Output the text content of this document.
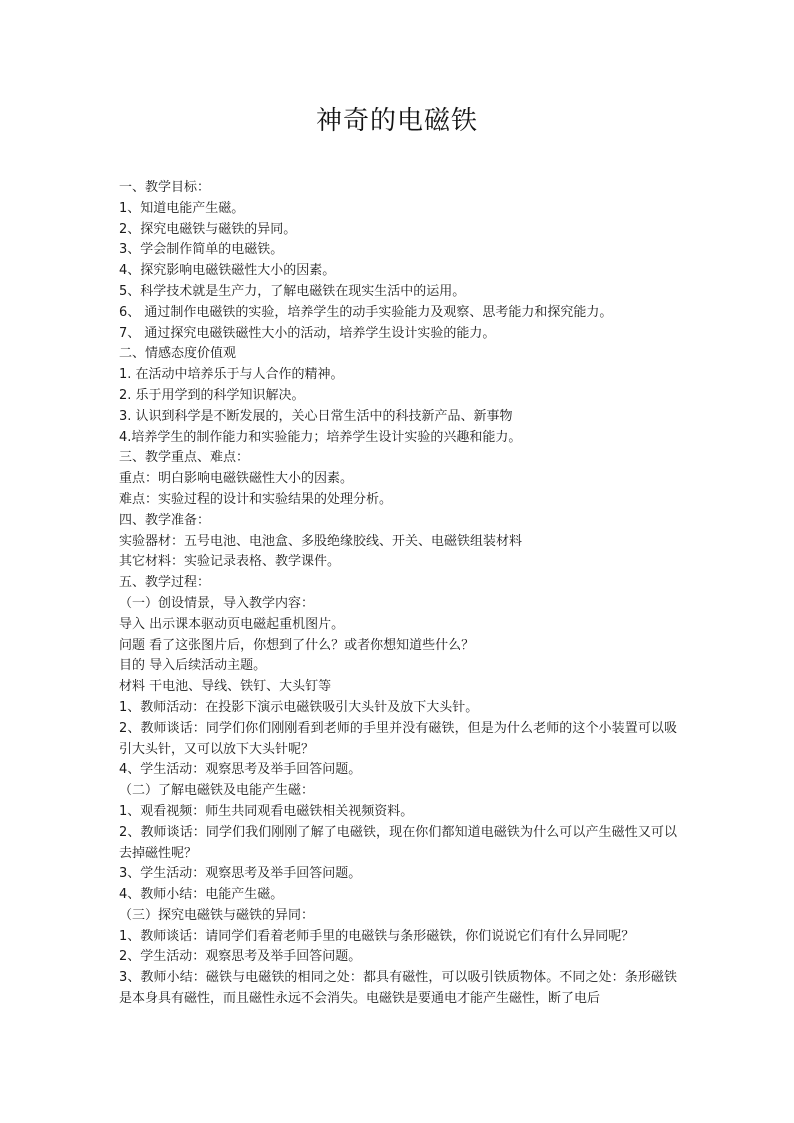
神奇的电磁铁

一、教学目标：

1、知道电能产生磁。

2、探究电磁铁与磁铁的异同。

3、学会制作简单的电磁铁。

4、探究影响电磁铁磁性大小的因素。

5、科学技术就是生产力，了解电磁铁在现实生活中的运用。

6、 通过制作电磁铁的实验，培养学生的动手实验能力及观察、思考能力和探究能力。

7、 通过探究电磁铁磁性大小的活动，培养学生设计实验的能力。

二、情感态度价值观

1. 在活动中培养乐于与人合作的精神。

2. 乐于用学到的科学知识解决。

3. 认识到科学是不断发展的，关心日常生活中的科技新产品、新事物

4.培养学生的制作能力和实验能力；培养学生设计实验的兴趣和能力。

三、教学重点、难点：

重点：明白影响电磁铁磁性大小的因素。

难点：实验过程的设计和实验结果的处理分析。

四、教学准备：

实验器材：五号电池、电池盒、多股绝缘胶线、开关、电磁铁组装材料

其它材料：实验记录表格、教学课件。

五、教学过程：

（一）创设情景，导入教学内容：

导入 出示课本驱动页电磁起重机图片。

问题 看了这张图片后，你想到了什么？或者你想知道些什么？

目的 导入后续活动主题。

材料 干电池、导线、铁钉、大头钉等

1、教师活动：在投影下演示电磁铁吸引大头针及放下大头针。

2、教师谈话：同学们你们刚刚看到老师的手里并没有磁铁，但是为什么老师的这个小装置可以吸引大头针，又可以放下大头针呢？

4、学生活动：观察思考及举手回答问题。

（二）了解电磁铁及电能产生磁：

1、观看视频：师生共同观看电磁铁相关视频资料。

2、教师谈话：同学们我们刚刚了解了电磁铁，现在你们都知道电磁铁为什么可以产生磁性又可以去掉磁性呢？

3、学生活动：观察思考及举手回答问题。

4、教师小结：电能产生磁。

（三）探究电磁铁与磁铁的异同：

1、教师谈话：请同学们看着老师手里的电磁铁与条形磁铁，你们说说它们有什么异同呢？

2、学生活动：观察思考及举手回答问题。

3、教师小结：磁铁与电磁铁的相同之处：都具有磁性，可以吸引铁质物体。不同之处：条形磁铁是本身具有磁性，而且磁性永远不会消失。电磁铁是要通电才能产生磁性，断了电后
